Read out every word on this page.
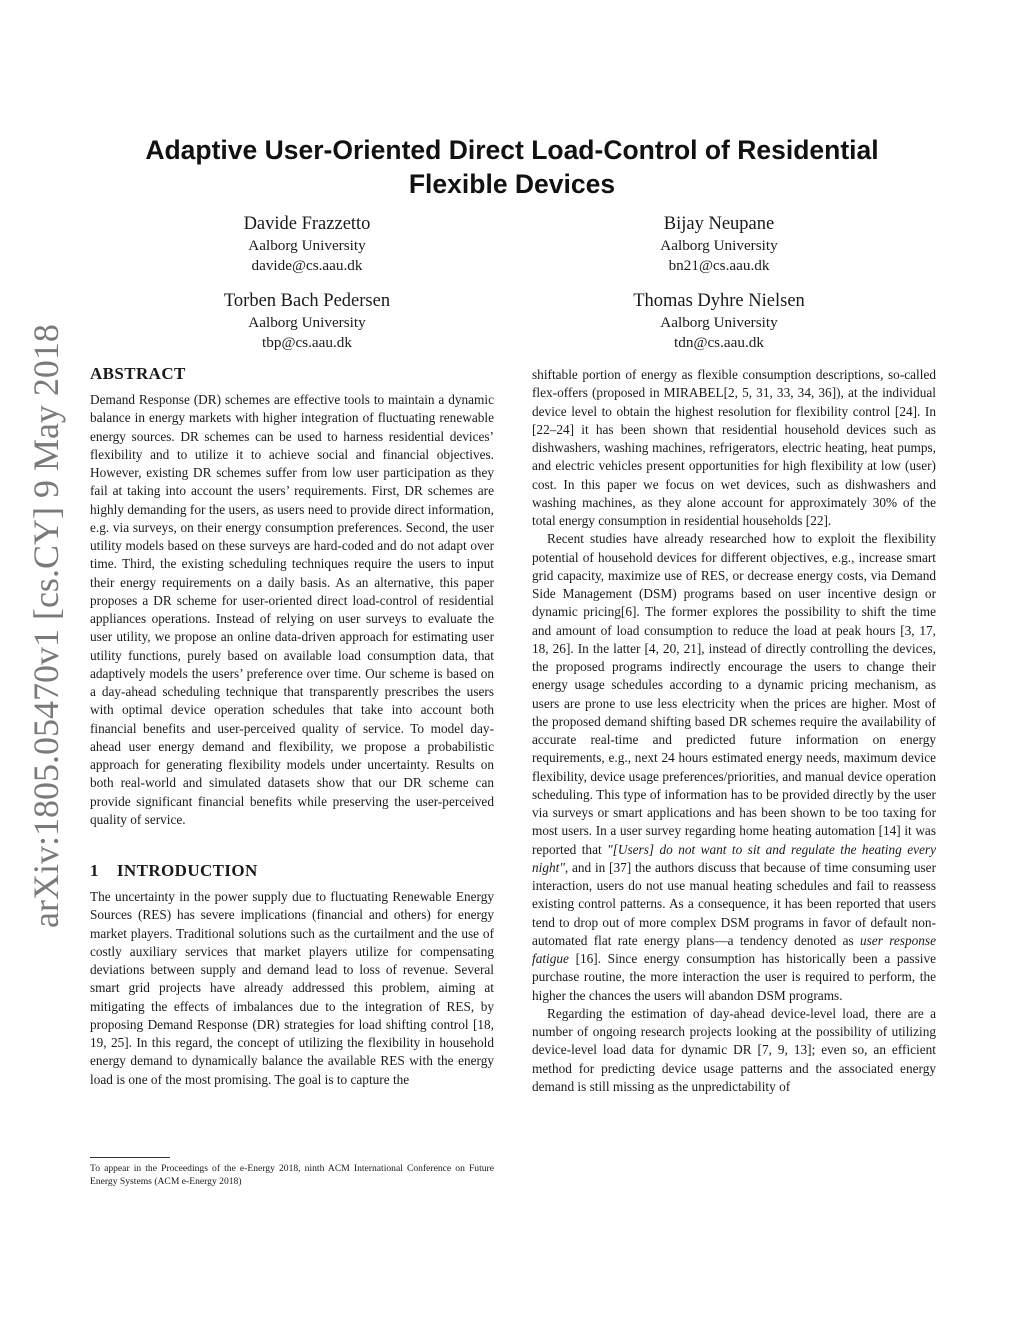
arXiv:1805.05470v1 [cs.CY] 9 May 2018
Adaptive User-Oriented Direct Load-Control of Residential Flexible Devices
Davide Frazzetto
Aalborg University
davide@cs.aau.dk
Bijay Neupane
Aalborg University
bn21@cs.aau.dk
Torben Bach Pedersen
Aalborg University
tbp@cs.aau.dk
Thomas Dyhre Nielsen
Aalborg University
tdn@cs.aau.dk
ABSTRACT

Demand Response (DR) schemes are effective tools to maintain a dynamic balance in energy markets with higher integration of fluctuating renewable energy sources. DR schemes can be used to harness residential devices’ flexibility and to utilize it to achieve social and financial objectives. However, existing DR schemes suffer from low user participation as they fail at taking into account the users’ requirements. First, DR schemes are highly demanding for the users, as users need to provide direct information, e.g. via surveys, on their energy consumption preferences. Second, the user utility models based on these surveys are hard-coded and do not adapt over time. Third, the existing scheduling techniques require the users to input their energy requirements on a daily basis. As an alternative, this paper proposes a DR scheme for user-oriented direct load-control of residential appliances operations. Instead of relying on user surveys to evaluate the user utility, we propose an online data-driven approach for estimating user utility functions, purely based on available load consumption data, that adaptively models the users’ preference over time. Our scheme is based on a day-ahead scheduling technique that transparently prescribes the users with optimal device operation schedules that take into account both financial benefits and user-perceived quality of service. To model day-ahead user energy demand and flexibility, we propose a probabilistic approach for generating flexibility models under uncertainty. Results on both real-world and simulated datasets show that our DR scheme can provide significant financial benefits while preserving the user-perceived quality of service.

1 INTRODUCTION

The uncertainty in the power supply due to fluctuating Renewable Energy Sources (RES) has severe implications (financial and others) for energy market players. Traditional solutions such as the curtailment and the use of costly auxiliary services that market players utilize for compensating deviations between supply and demand lead to loss of revenue. Several smart grid projects have already addressed this problem, aiming at mitigating the effects of imbalances due to the integration of RES, by proposing Demand Response (DR) strategies for load shifting control [18, 19, 25]. In this regard, the concept of utilizing the flexibility in household energy demand to dynamically balance the available RES with the energy load is one of the most promising. The goal is to capture the

To appear in the Proceedings of the e-Energy 2018, ninth ACM International Conference on Future Energy Systems (ACM e-Energy 2018)

shiftable portion of energy as flexible consumption descriptions, so-called flex-offers (proposed in MIRABEL[2, 5, 31, 33, 34, 36]), at the individual device level to obtain the highest resolution for flexibility control [24]. In [22–24] it has been shown that residential household devices such as dishwashers, washing machines, refrigerators, electric heating, heat pumps, and electric vehicles present opportunities for high flexibility at low (user) cost. In this paper we focus on wet devices, such as dishwashers and washing machines, as they alone account for approximately 30% of the total energy consumption in residential households [22].

Recent studies have already researched how to exploit the flexibility potential of household devices for different objectives, e.g., increase smart grid capacity, maximize use of RES, or decrease energy costs, via Demand Side Management (DSM) programs based on user incentive design or dynamic pricing[6]. The former explores the possibility to shift the time and amount of load consumption to reduce the load at peak hours [3, 17, 18, 26]. In the latter [4, 20, 21], instead of directly controlling the devices, the proposed programs indirectly encourage the users to change their energy usage schedules according to a dynamic pricing mechanism, as users are prone to use less electricity when the prices are higher. Most of the proposed demand shifting based DR schemes require the availability of accurate real-time and predicted future information on energy requirements, e.g., next 24 hours estimated energy needs, maximum device flexibility, device usage preferences/priorities, and manual device operation scheduling. This type of information has to be provided directly by the user via surveys or smart applications and has been shown to be too taxing for most users. In a user survey regarding home heating automation [14] it was reported that "[Users] do not want to sit and regulate the heating every night", and in [37] the authors discuss that because of time consuming user interaction, users do not use manual heating schedules and fail to reassess existing control patterns. As a consequence, it has been reported that users tend to drop out of more complex DSM programs in favor of default non-automated flat rate energy plans—a tendency denoted as user response fatigue [16]. Since energy consumption has historically been a passive purchase routine, the more interaction the user is required to perform, the higher the chances the users will abandon DSM programs.

Regarding the estimation of day-ahead device-level load, there are a number of ongoing research projects looking at the possibility of utilizing device-level load data for dynamic DR [7, 9, 13]; even so, an efficient method for predicting device usage patterns and the associated energy demand is still missing as the unpredictability of
